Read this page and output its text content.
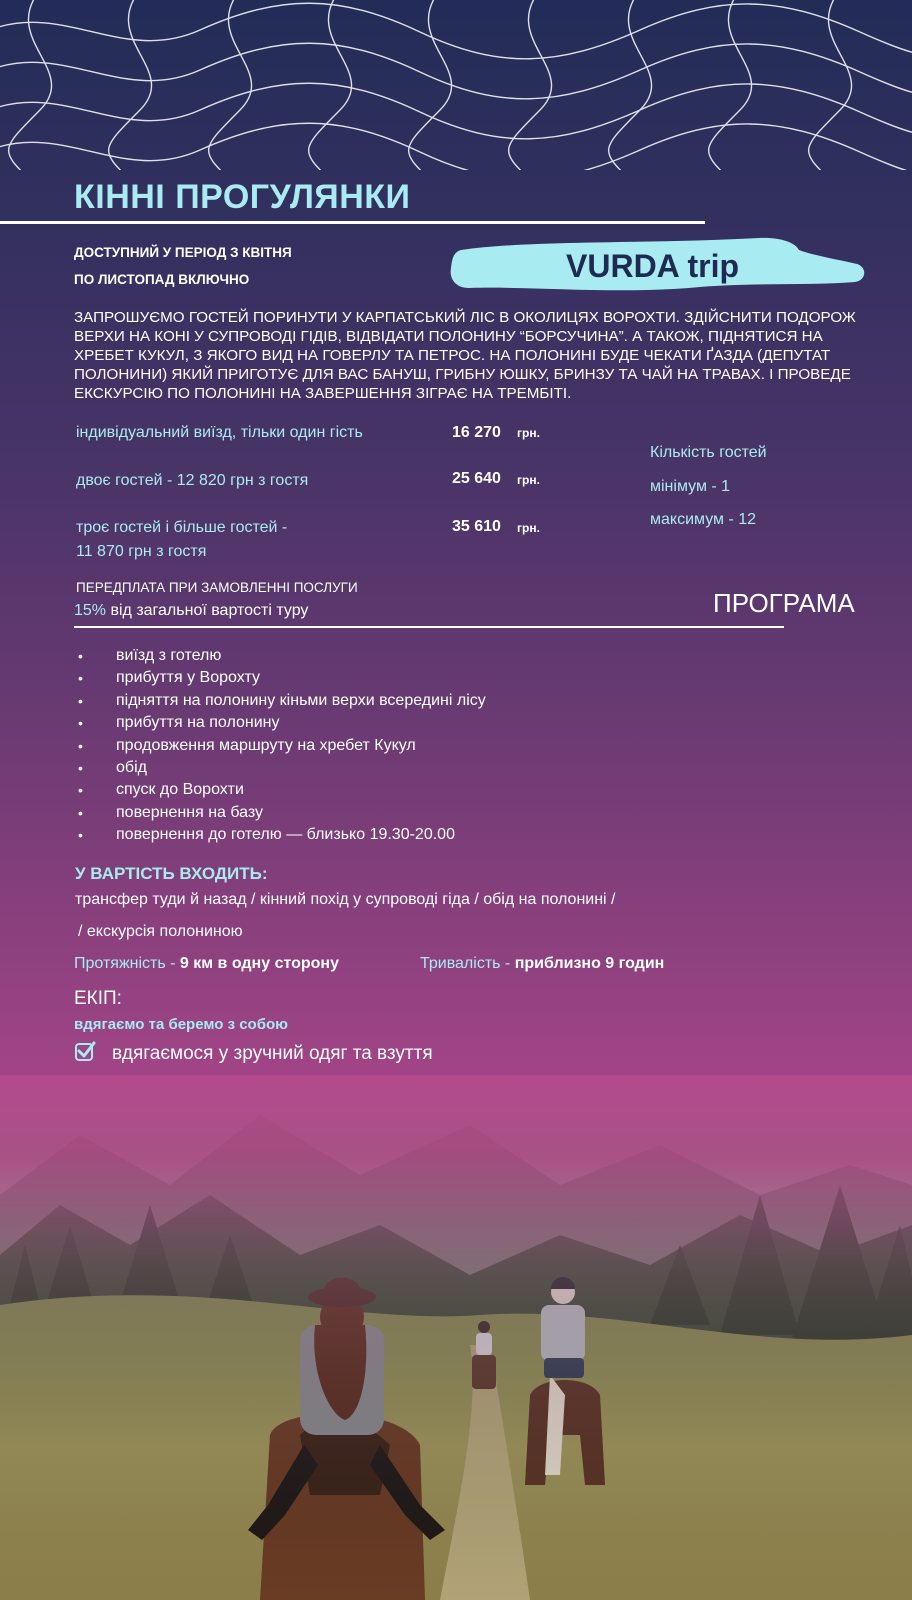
КІННІ ПРОГУЛЯНКИ
ДОСТУПНИЙ У ПЕРІОД З КВІТНЯ
ПО ЛИСТОПАД ВКЛЮЧНО	VURDA trip
ЗАПРОШУЄМО ГОСТЕЙ ПОРИНУТИ У КАРПАТСЬКИЙ ЛІС В ОКОЛИЦЯХ ВОРОХТИ. ЗДІЙСНИТИ ПОДОРОЖ ВЕРХИ НА КОНІ У СУПРОВОДІ ГІДІВ, ВІДВІДАТИ ПОЛОНИНУ “БОРСУЧИНА”. А ТАКОЖ, ПІДНЯТИСЯ НА ХРЕБЕТ КУКУЛ, З ЯКОГО ВИД НА ГОВЕРЛУ ТА ПЕТРОС. НА ПОЛОНИНІ БУДЕ ЧЕКАТИ ҐАЗДА (ДЕПУТАТ ПОЛОНИНИ) ЯКИЙ ПРИГОТУЄ ДЛЯ ВАС БАНУШ, ГРИБНУ ЮШКУ, БРИНЗУ ТА ЧАЙ НА ТРАВАХ. І ПРОВЕДЕ ЕКСКУРСІЮ ПО ПОЛОНИНІ НА ЗАВЕРШЕННЯ ЗІГРАЄ НА ТРЕМБІТІ.
індивідуальний виїзд, тільки один гість	16 270 грн.
двоє гостей - 12 820 грн з гостя	25 640 грн.
троє гостей і більше гостей -
11 870 грн з гостя
35 610 грн.
Кількість гостей
мінімум - 1
максимум - 12
ПЕРЕДПЛАТА ПРИ ЗАМОВЛЕННІ ПОСЛУГИ
15% від загальної вартості туру	ПРОГРАМА
•	виїзд з готелю
•	прибуття у Ворохту
•	підняття на полонину кіньми верхи всередині лісу
•	прибуття на полонину
•	продовження маршруту на хребет Кукул
•	обід
•	спуск до Ворохти
•	повернення на базу
•	повернення до готелю — близько 19.30-20.00
У ВАРТІСТЬ ВХОДИТЬ:
трансфер туди й назад / кінний похід у супроводі гіда / обід на полонині /
/ екскурсія полониною
Протяжність - 9 км в одну сторону	Тривалість - приблизно 9 годин
ЕКІП:
вдягаємо та беремо з собою
вдягаємося у зручний одяг та взуття
